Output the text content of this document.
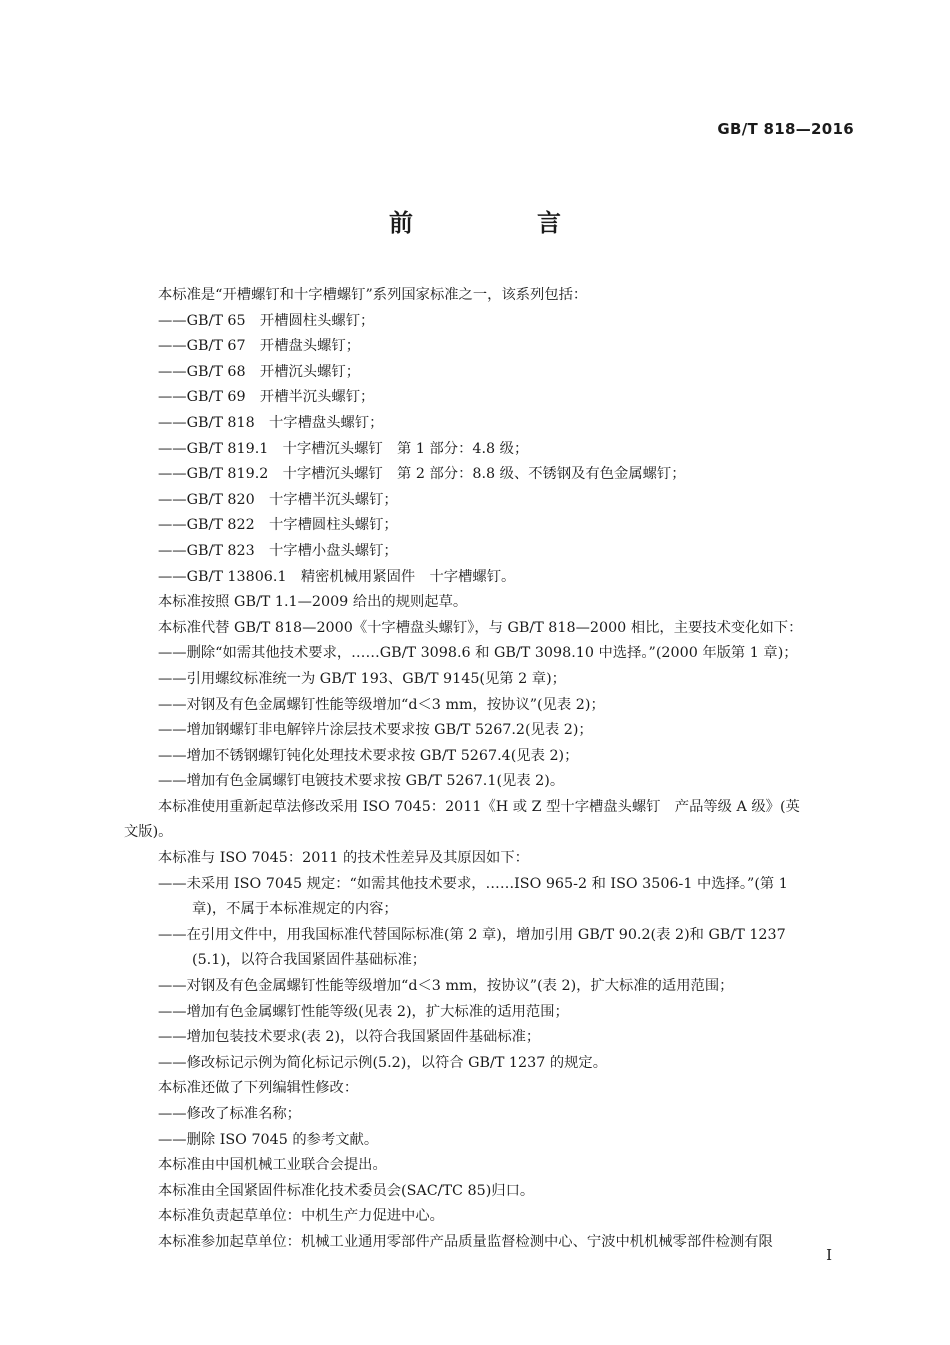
GB/T 818—2016
前　言
本标准是“开槽螺钉和十字槽螺钉”系列国家标准之一，该系列包括：
——GB/T 65　开槽圆柱头螺钉；
——GB/T 67　开槽盘头螺钉；
——GB/T 68　开槽沉头螺钉；
——GB/T 69　开槽半沉头螺钉；
——GB/T 818　十字槽盘头螺钉；
——GB/T 819.1　十字槽沉头螺钉　第 1 部分：4.8 级；
——GB/T 819.2　十字槽沉头螺钉　第 2 部分：8.8 级、不锈钢及有色金属螺钉；
——GB/T 820　十字槽半沉头螺钉；
——GB/T 822　十字槽圆柱头螺钉；
——GB/T 823　十字槽小盘头螺钉；
——GB/T 13806.1　精密机械用紧固件　十字槽螺钉。
本标准按照 GB/T 1.1—2009 给出的规则起草。
本标准代替 GB/T 818—2000《十字槽盘头螺钉》，与 GB/T 818—2000 相比，主要技术变化如下：
——删除“如需其他技术要求，……GB/T 3098.6 和 GB/T 3098.10 中选择。”(2000 年版第 1 章)；
——引用螺纹标准统一为 GB/T 193、GB/T 9145(见第 2 章)；
——对钢及有色金属螺钉性能等级增加“d＜3 mm，按协议”(见表 2)；
——增加钢螺钉非电解锌片涂层技术要求按 GB/T 5267.2(见表 2)；
——增加不锈钢螺钉钝化处理技术要求按 GB/T 5267.4(见表 2)；
——增加有色金属螺钉电镀技术要求按 GB/T 5267.1(见表 2)。
本标准使用重新起草法修改采用 ISO 7045：2011《H 或 Z 型十字槽盘头螺钉　产品等级 A 级》(英
文版)。
本标准与 ISO 7045：2011 的技术性差异及其原因如下：
——未采用 ISO 7045 规定：“如需其他技术要求，……ISO 965-2 和 ISO 3506-1 中选择。”(第 1
章)，不属于本标准规定的内容；
——在引用文件中，用我国标准代替国际标准(第 2 章)，增加引用 GB/T 90.2(表 2)和 GB/T 1237
(5.1)，以符合我国紧固件基础标准；
——对钢及有色金属螺钉性能等级增加“d＜3 mm，按协议”(表 2)，扩大标准的适用范围；
——增加有色金属螺钉性能等级(见表 2)，扩大标准的适用范围；
——增加包装技术要求(表 2)，以符合我国紧固件基础标准；
——修改标记示例为简化标记示例(5.2)，以符合 GB/T 1237 的规定。
本标准还做了下列编辑性修改：
——修改了标准名称；
——删除 ISO 7045 的参考文献。
本标准由中国机械工业联合会提出。
本标准由全国紧固件标准化技术委员会(SAC/TC 85)归口。
本标准负责起草单位：中机生产力促进中心。
本标准参加起草单位：机械工业通用零部件产品质量监督检测中心、宁波中机机械零部件检测有限
I
